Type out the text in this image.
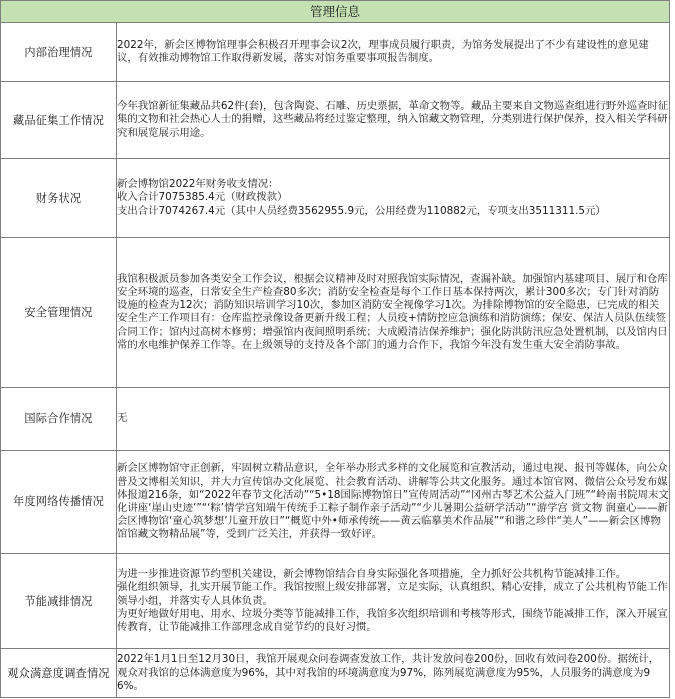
管理信息	
内部治理情况	2022年，新会区博物馆理事会积极召开理事会议2次，理事成员履行职责，为馆务发展提出了不少有建设性的意见建议，有效推动博物馆工作取得新发展，落实对馆务重要事项报告制度。
藏品征集工作情况	今年我馆新征集藏品共62件(套)，包含陶瓷、石雕、历史票据，革命文物等。藏品主要来自文物巡查组进行野外巡查时征集的文物和社会热心人士的捐赠，这些藏品将经过鉴定整理，纳入馆藏文物管理，分类别进行保护保养，投入相关学科研究和展览展示用途。
财务状况	新会博物馆2022年财务收支情况：
收入合计7075385.4元（财政拨款）
支出合计7074267.4元（其中人员经费3562955.9元，公用经费为110882元，专项支出3511311.5元）
安全管理情况	我馆积极派员参加各类安全工作会议，根据会议精神及时对照我馆实际情况，查漏补缺。加强馆内基建项目、展厅和仓库安全环境的巡查，日常安全生产检查80多次；消防安全检查是每个工作日基本保持两次，累计300多次；专门针对消防设施的检查为12次；消防知识培训学习10次，参加区消防安全视像学习1次。为排除博物馆的安全隐患，已完成的相关安全生产工作项目有：仓库监控录像设备更新升级工程；人员疫+情防控应急演练和消防演练；保安、保洁人员队伍续签合同工作；馆内过高树木修剪；增强馆内夜间照明系统；大成殿清洁保养维护；强化防洪防汛应急处置机制，以及馆内日常的水电维护保养工作等。在上级领导的支持及各个部门的通力合作下，我馆今年没有发生重大安全消防事故。
国际合作情况	无
年度网络传播情况	新会区博物馆守正创新，牢固树立精品意识，全年举办形式多样的文化展览和宣教活动，通过电视、报刊等媒体，向公众普及文博相关知识，并大力宣传馆办文化展览、社会教育活动、讲解等公共文化服务。通过本馆官网、微信公众号发布媒体报道216条，如“2022年春节文化活动”“5•18国际博物馆日”宣传周活动”“冈州古琴艺术公益入门班”“岭南书院周末文化讲座‘崖山史迹’”“‘粽’情学宫知端午传统手工粽子制作亲子活动”“少儿暑期公益研学活动”“游学宫 赏文物 润童心——新会区博物馆‘童心筑梦想’儿童开放日”“概览中外•师承传统——黄云临摹美术作品展”“和谐之珍伴“美人”——新会区博物馆馆藏文物精品展”等，受到广泛关注，并获得一致好评。
节能减排情况	为进一步推进资源节约型机关建设，新会博物馆结合自身实际强化各项措施，全力抓好公共机构节能减排工作。
强化组织领导，扎实开展节能工作。我馆按照上级安排部署，立足实际，认真组织、精心安排，成立了公共机构节能工作领导小组，并落实专人具体负责。
为更好地做好用电、用水、垃圾分类等节能减排工作，我馆多次组织培训和考核等形式，围绕节能减排工作，深入开展宣传教育，让节能减排工作部理念成自觉节约的良好习惯。
观众满意度调查情况	2022年1月1日至12月30日，我馆开展观众问卷调查发放工作，共计发放问卷200份，回收有效问卷200份。据统计，观众对我馆的总体满意度为96%，其中对我馆的环境满意度为97%，陈列展览满意度为95%，人员服务的满意度为96%。
